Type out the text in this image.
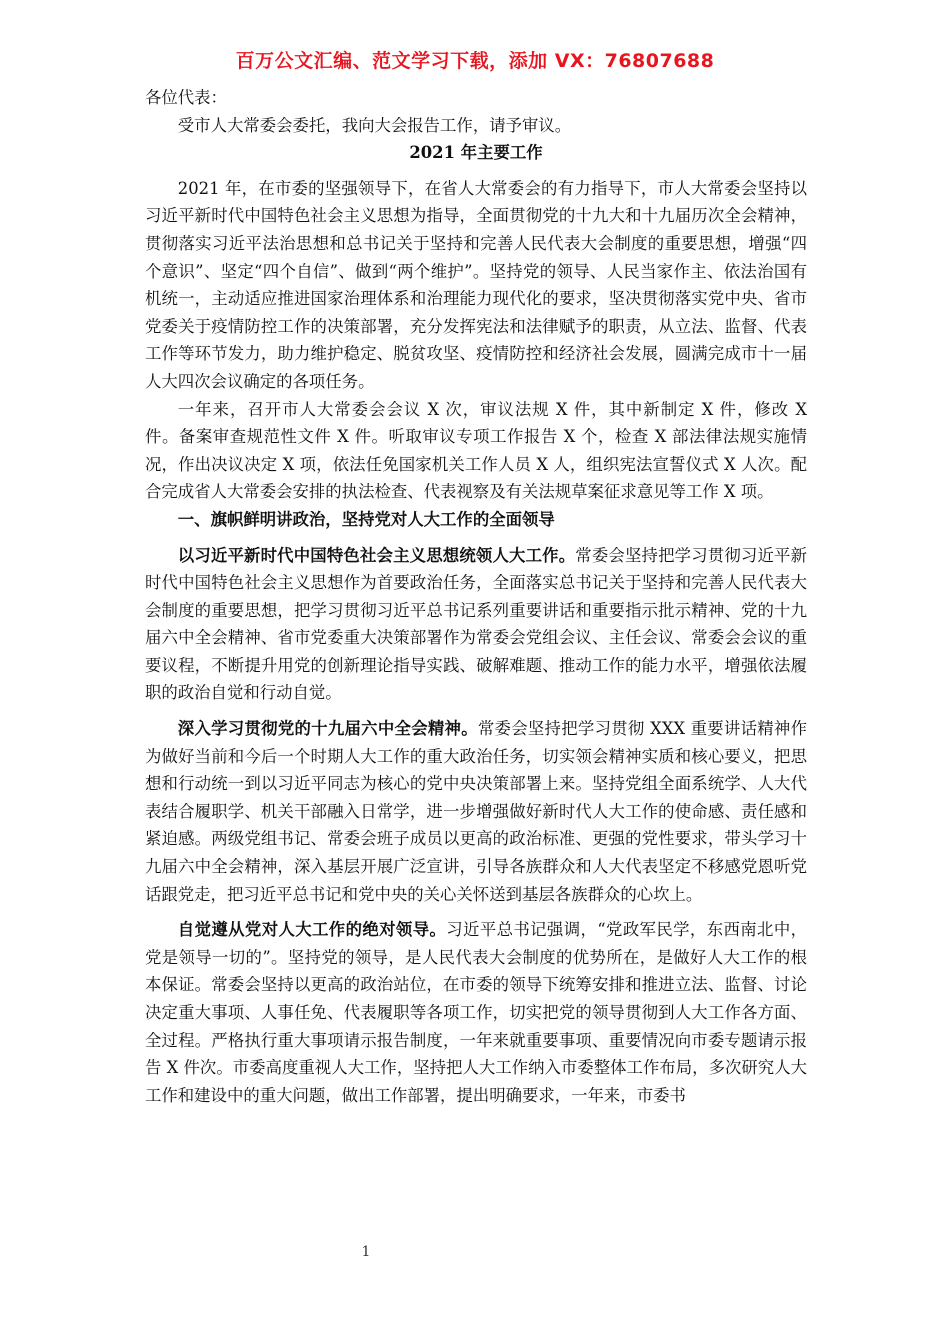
百万公文汇编、范文学习下载，添加 VX：76807688

各位代表：

受市人大常委会委托，我向大会报告工作，请予审议。

2021 年主要工作

2021 年，在市委的坚强领导下，在省人大常委会的有力指导下，市人大常委会坚持以习近平新时代中国特色社会主义思想为指导，全面贯彻党的十九大和十九届历次全会精神，贯彻落实习近平法治思想和总书记关于坚持和完善人民代表大会制度的重要思想，增强“四个意识”、坚定“四个自信”、做到“两个维护”。坚持党的领导、人民当家作主、依法治国有机统一，主动适应推进国家治理体系和治理能力现代化的要求，坚决贯彻落实党中央、省市党委关于疫情防控工作的决策部署，充分发挥宪法和法律赋予的职责，从立法、监督、代表工作等环节发力，助力维护稳定、脱贫攻坚、疫情防控和经济社会发展，圆满完成市十一届人大四次会议确定的各项任务。

一年来，召开市人大常委会会议 X 次，审议法规 X 件，其中新制定 X 件，修改 X 件。备案审查规范性文件 X 件。听取审议专项工作报告 X 个，检查 X 部法律法规实施情况，作出决议决定 X 项，依法任免国家机关工作人员 X 人，组织宪法宣誓仪式 X 人次。配合完成省人大常委会安排的执法检查、代表视察及有关法规草案征求意见等工作 X 项。

一、旗帜鲜明讲政治，坚持党对人大工作的全面领导

以习近平新时代中国特色社会主义思想统领人大工作。常委会坚持把学习贯彻习近平新时代中国特色社会主义思想作为首要政治任务，全面落实总书记关于坚持和完善人民代表大会制度的重要思想，把学习贯彻习近平总书记系列重要讲话和重要指示批示精神、党的十九届六中全会精神、省市党委重大决策部署作为常委会党组会议、主任会议、常委会会议的重要议程，不断提升用党的创新理论指导实践、破解难题、推动工作的能力水平，增强依法履职的政治自觉和行动自觉。

深入学习贯彻党的十九届六中全会精神。常委会坚持把学习贯彻 XXX 重要讲话精神作为做好当前和今后一个时期人大工作的重大政治任务，切实领会精神实质和核心要义，把思想和行动统一到以习近平同志为核心的党中央决策部署上来。坚持党组全面系统学、人大代表结合履职学、机关干部融入日常学，进一步增强做好新时代人大工作的使命感、责任感和紧迫感。两级党组书记、常委会班子成员以更高的政治标准、更强的党性要求，带头学习十九届六中全会精神，深入基层开展广泛宣讲，引导各族群众和人大代表坚定不移感党恩听党话跟党走，把习近平总书记和党中央的关心关怀送到基层各族群众的心坎上。

自觉遵从党对人大工作的绝对领导。习近平总书记强调，“党政军民学，东西南北中，党是领导一切的”。坚持党的领导，是人民代表大会制度的优势所在，是做好人大工作的根本保证。常委会坚持以更高的政治站位，在市委的领导下统筹安排和推进立法、监督、讨论决定重大事项、人事任免、代表履职等各项工作，切实把党的领导贯彻到人大工作各方面、全过程。严格执行重大事项请示报告制度，一年来就重要事项、重要情况向市委专题请示报告 X 件次。市委高度重视人大工作，坚持把人大工作纳入市委整体工作布局，多次研究人大工作和建设中的重大问题，做出工作部署，提出明确要求，一年来，市委书

1
